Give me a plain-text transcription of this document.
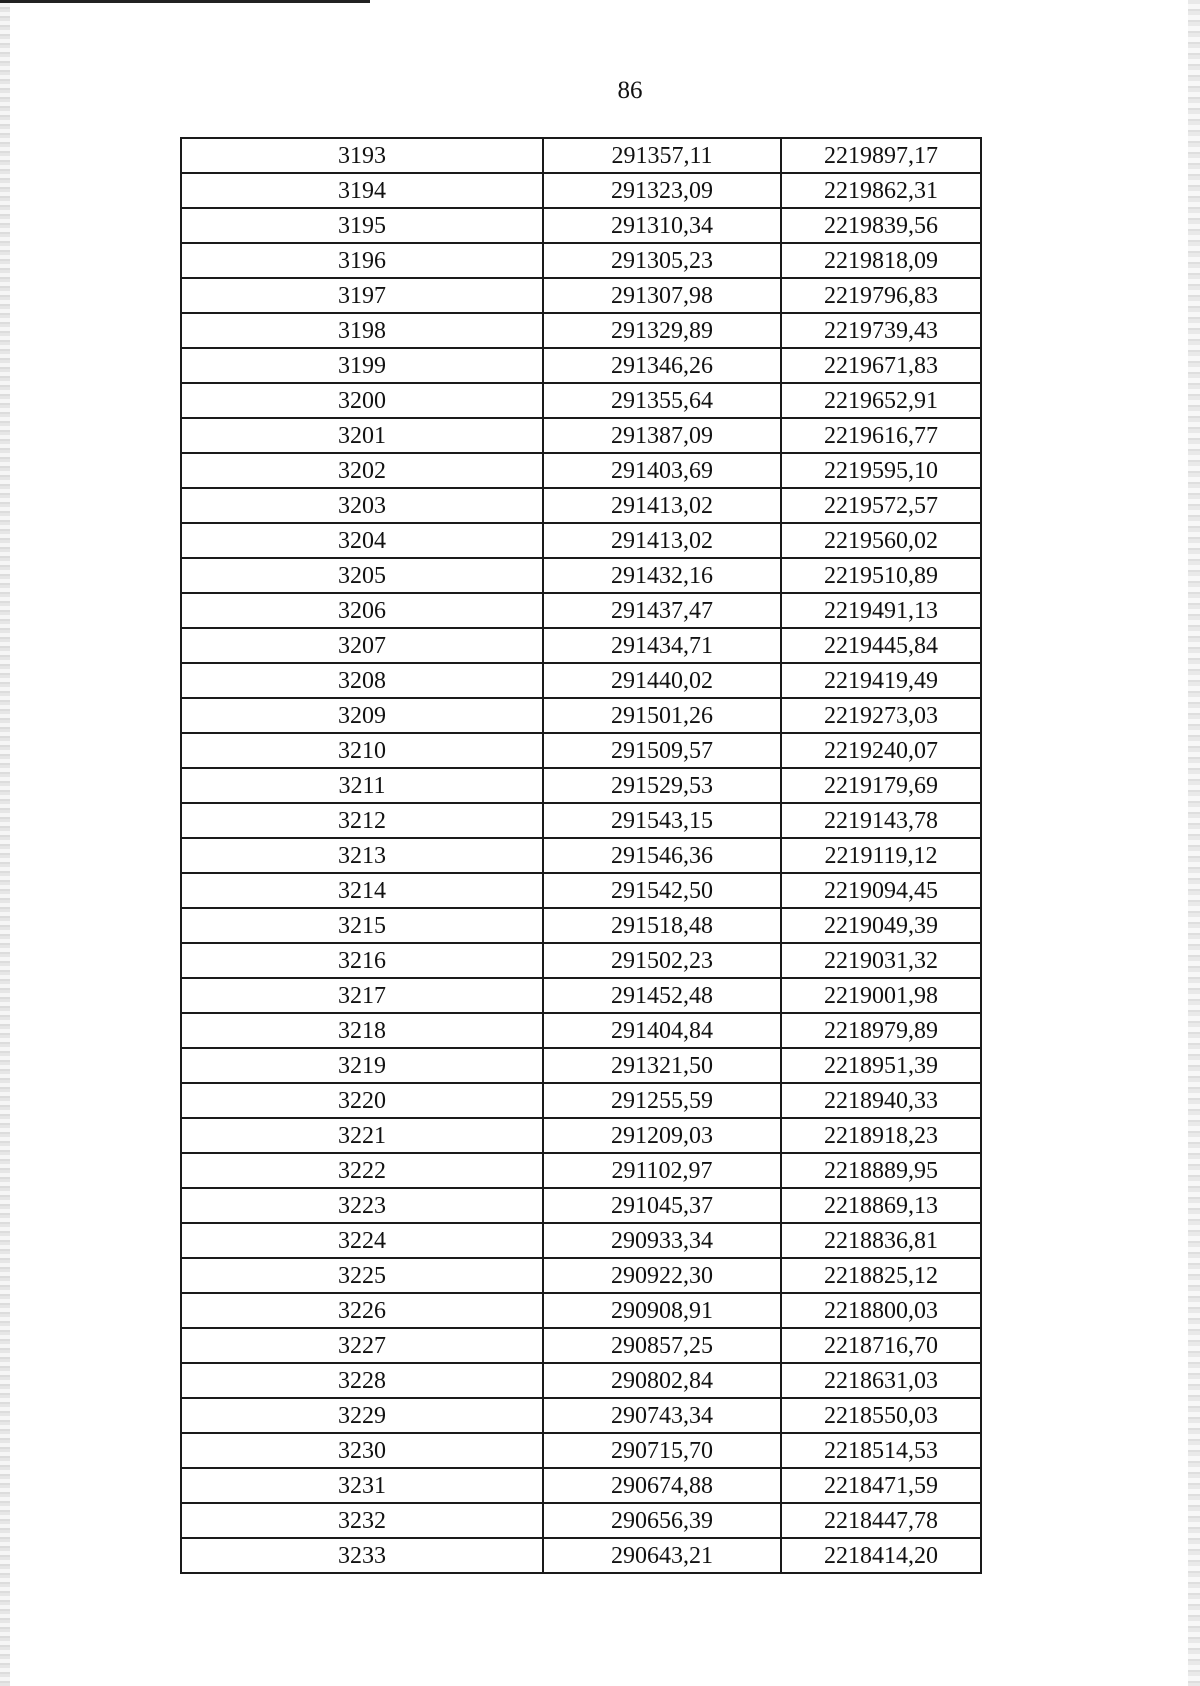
86
3193	291357,11	2219897,17
3194	291323,09	2219862,31
3195	291310,34	2219839,56
3196	291305,23	2219818,09
3197	291307,98	2219796,83
3198	291329,89	2219739,43
3199	291346,26	2219671,83
3200	291355,64	2219652,91
3201	291387,09	2219616,77
3202	291403,69	2219595,10
3203	291413,02	2219572,57
3204	291413,02	2219560,02
3205	291432,16	2219510,89
3206	291437,47	2219491,13
3207	291434,71	2219445,84
3208	291440,02	2219419,49
3209	291501,26	2219273,03
3210	291509,57	2219240,07
3211	291529,53	2219179,69
3212	291543,15	2219143,78
3213	291546,36	2219119,12
3214	291542,50	2219094,45
3215	291518,48	2219049,39
3216	291502,23	2219031,32
3217	291452,48	2219001,98
3218	291404,84	2218979,89
3219	291321,50	2218951,39
3220	291255,59	2218940,33
3221	291209,03	2218918,23
3222	291102,97	2218889,95
3223	291045,37	2218869,13
3224	290933,34	2218836,81
3225	290922,30	2218825,12
3226	290908,91	2218800,03
3227	290857,25	2218716,70
3228	290802,84	2218631,03
3229	290743,34	2218550,03
3230	290715,70	2218514,53
3231	290674,88	2218471,59
3232	290656,39	2218447,78
3233	290643,21	2218414,20
